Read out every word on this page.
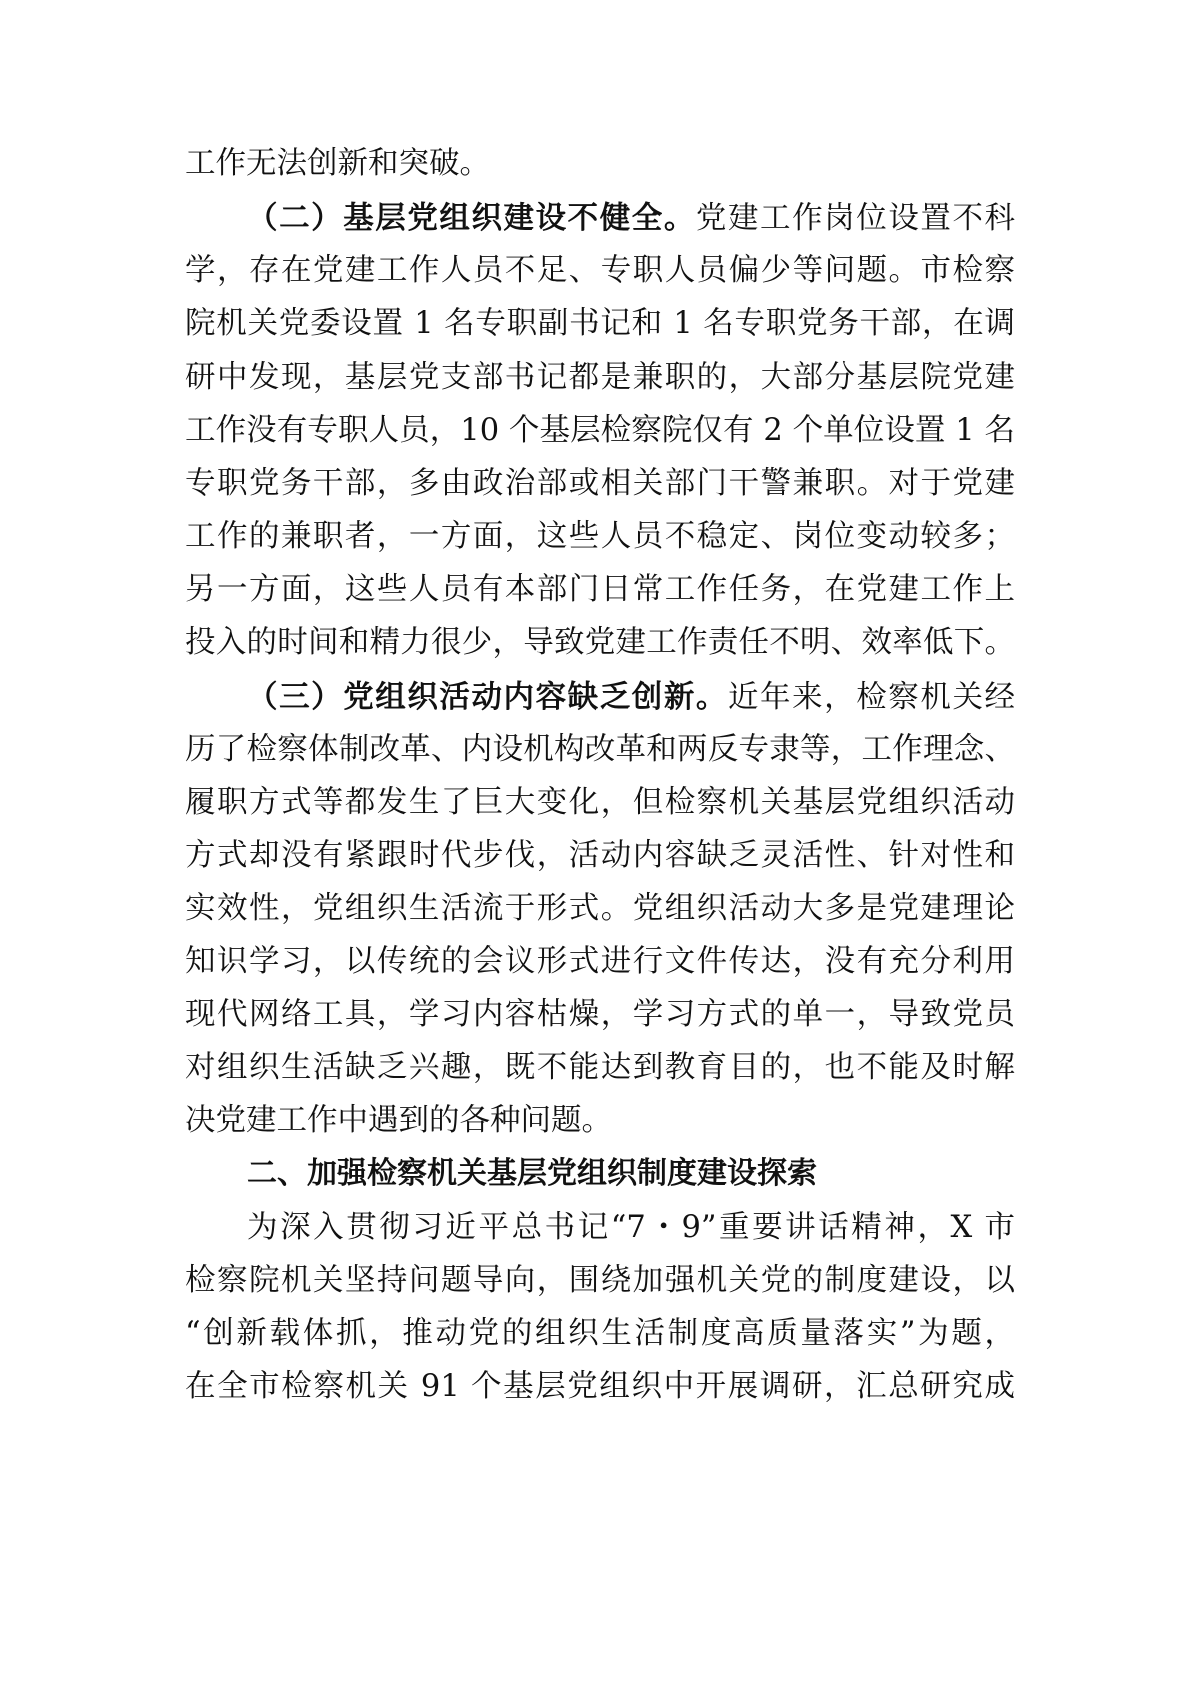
工作无法创新和突破。
（二）基层党组织建设不健全。党建工作岗位设置不科
学，存在党建工作人员不足、专职人员偏少等问题。市检察
院机关党委设置 1 名专职副书记和 1 名专职党务干部，在调
研中发现，基层党支部书记都是兼职的，大部分基层院党建
工作没有专职人员，10 个基层检察院仅有 2 个单位设置 1 名
专职党务干部，多由政治部或相关部门干警兼职。对于党建
工作的兼职者，一方面，这些人员不稳定、岗位变动较多；
另一方面，这些人员有本部门日常工作任务，在党建工作上
投入的时间和精力很少，导致党建工作责任不明、效率低下。
（三）党组织活动内容缺乏创新。近年来，检察机关经
历了检察体制改革、内设机构改革和两反专隶等，工作理念、
履职方式等都发生了巨大变化，但检察机关基层党组织活动
方式却没有紧跟时代步伐，活动内容缺乏灵活性、针对性和
实效性，党组织生活流于形式。党组织活动大多是党建理论
知识学习，以传统的会议形式进行文件传达，没有充分利用
现代网络工具，学习内容枯燥，学习方式的单一，导致党员
对组织生活缺乏兴趣，既不能达到教育目的，也不能及时解
决党建工作中遇到的各种问题。
二、加强检察机关基层党组织制度建设探索
为深入贯彻习近平总书记“7・9”重要讲话精神，X 市
检察院机关坚持问题导向，围绕加强机关党的制度建设，以
“创新载体抓，推动党的组织生活制度高质量落实”为题，
在全市检察机关 91 个基层党组织中开展调研，汇总研究成
